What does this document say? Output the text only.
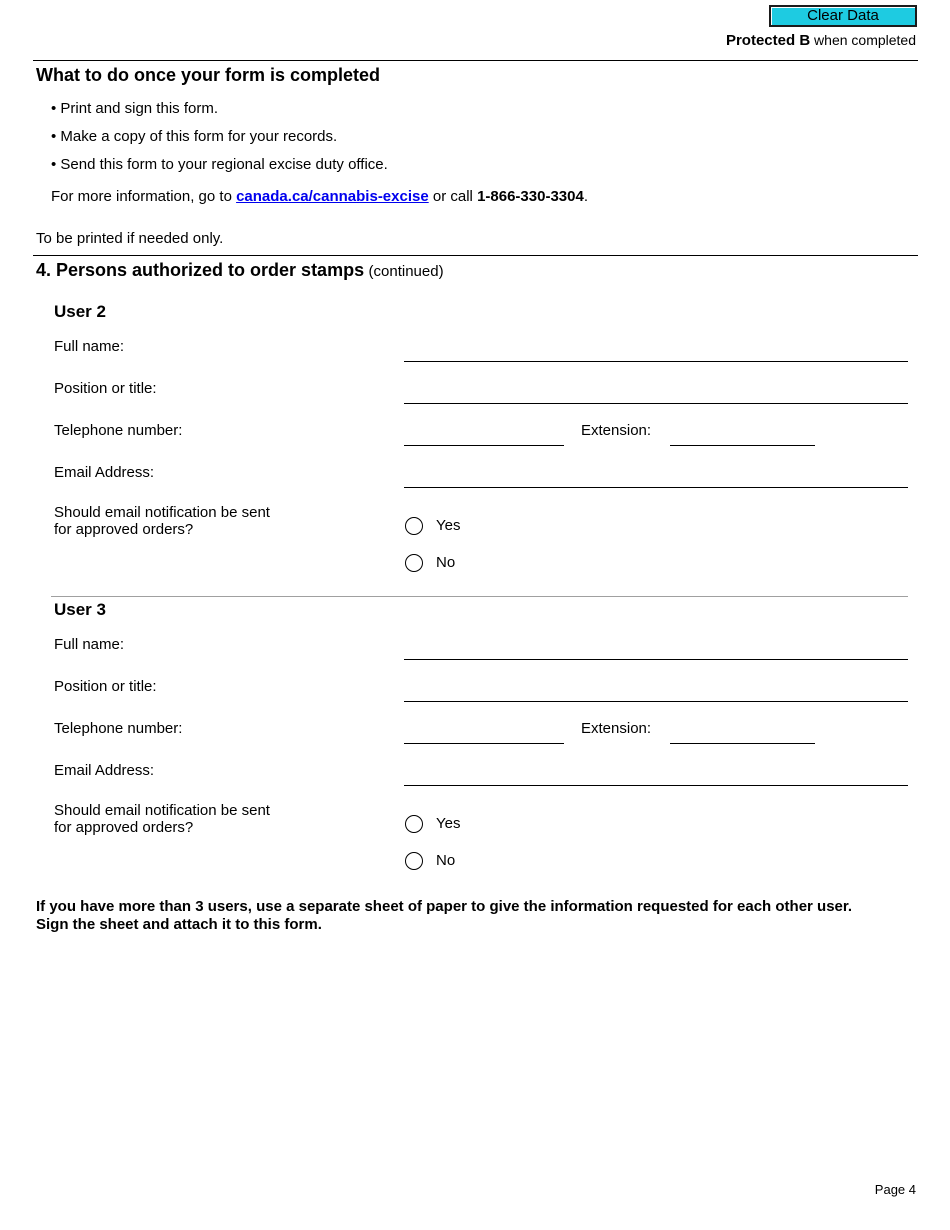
Clear Data
Protected B when completed
What to do once your form is completed
• Print and sign this form.
• Make a copy of this form for your records.
• Send this form to your regional excise duty office.
For more information, go to canada.ca/cannabis-excise or call 1-866-330-3304.
To be printed if needed only.
4. Persons authorized to order stamps (continued)
User 2
Full name:
Position or title:
Telephone number:	Extension:
Email Address:
Should email notification be sent
for approved orders?	Yes
No
User 3
Full name:
Position or title:
Telephone number:	Extension:
Email Address:
Should email notification be sent
for approved orders?	Yes
No
If you have more than 3 users, use a separate sheet of paper to give the information requested for each other user.
Sign the sheet and attach it to this form.
Page 4
